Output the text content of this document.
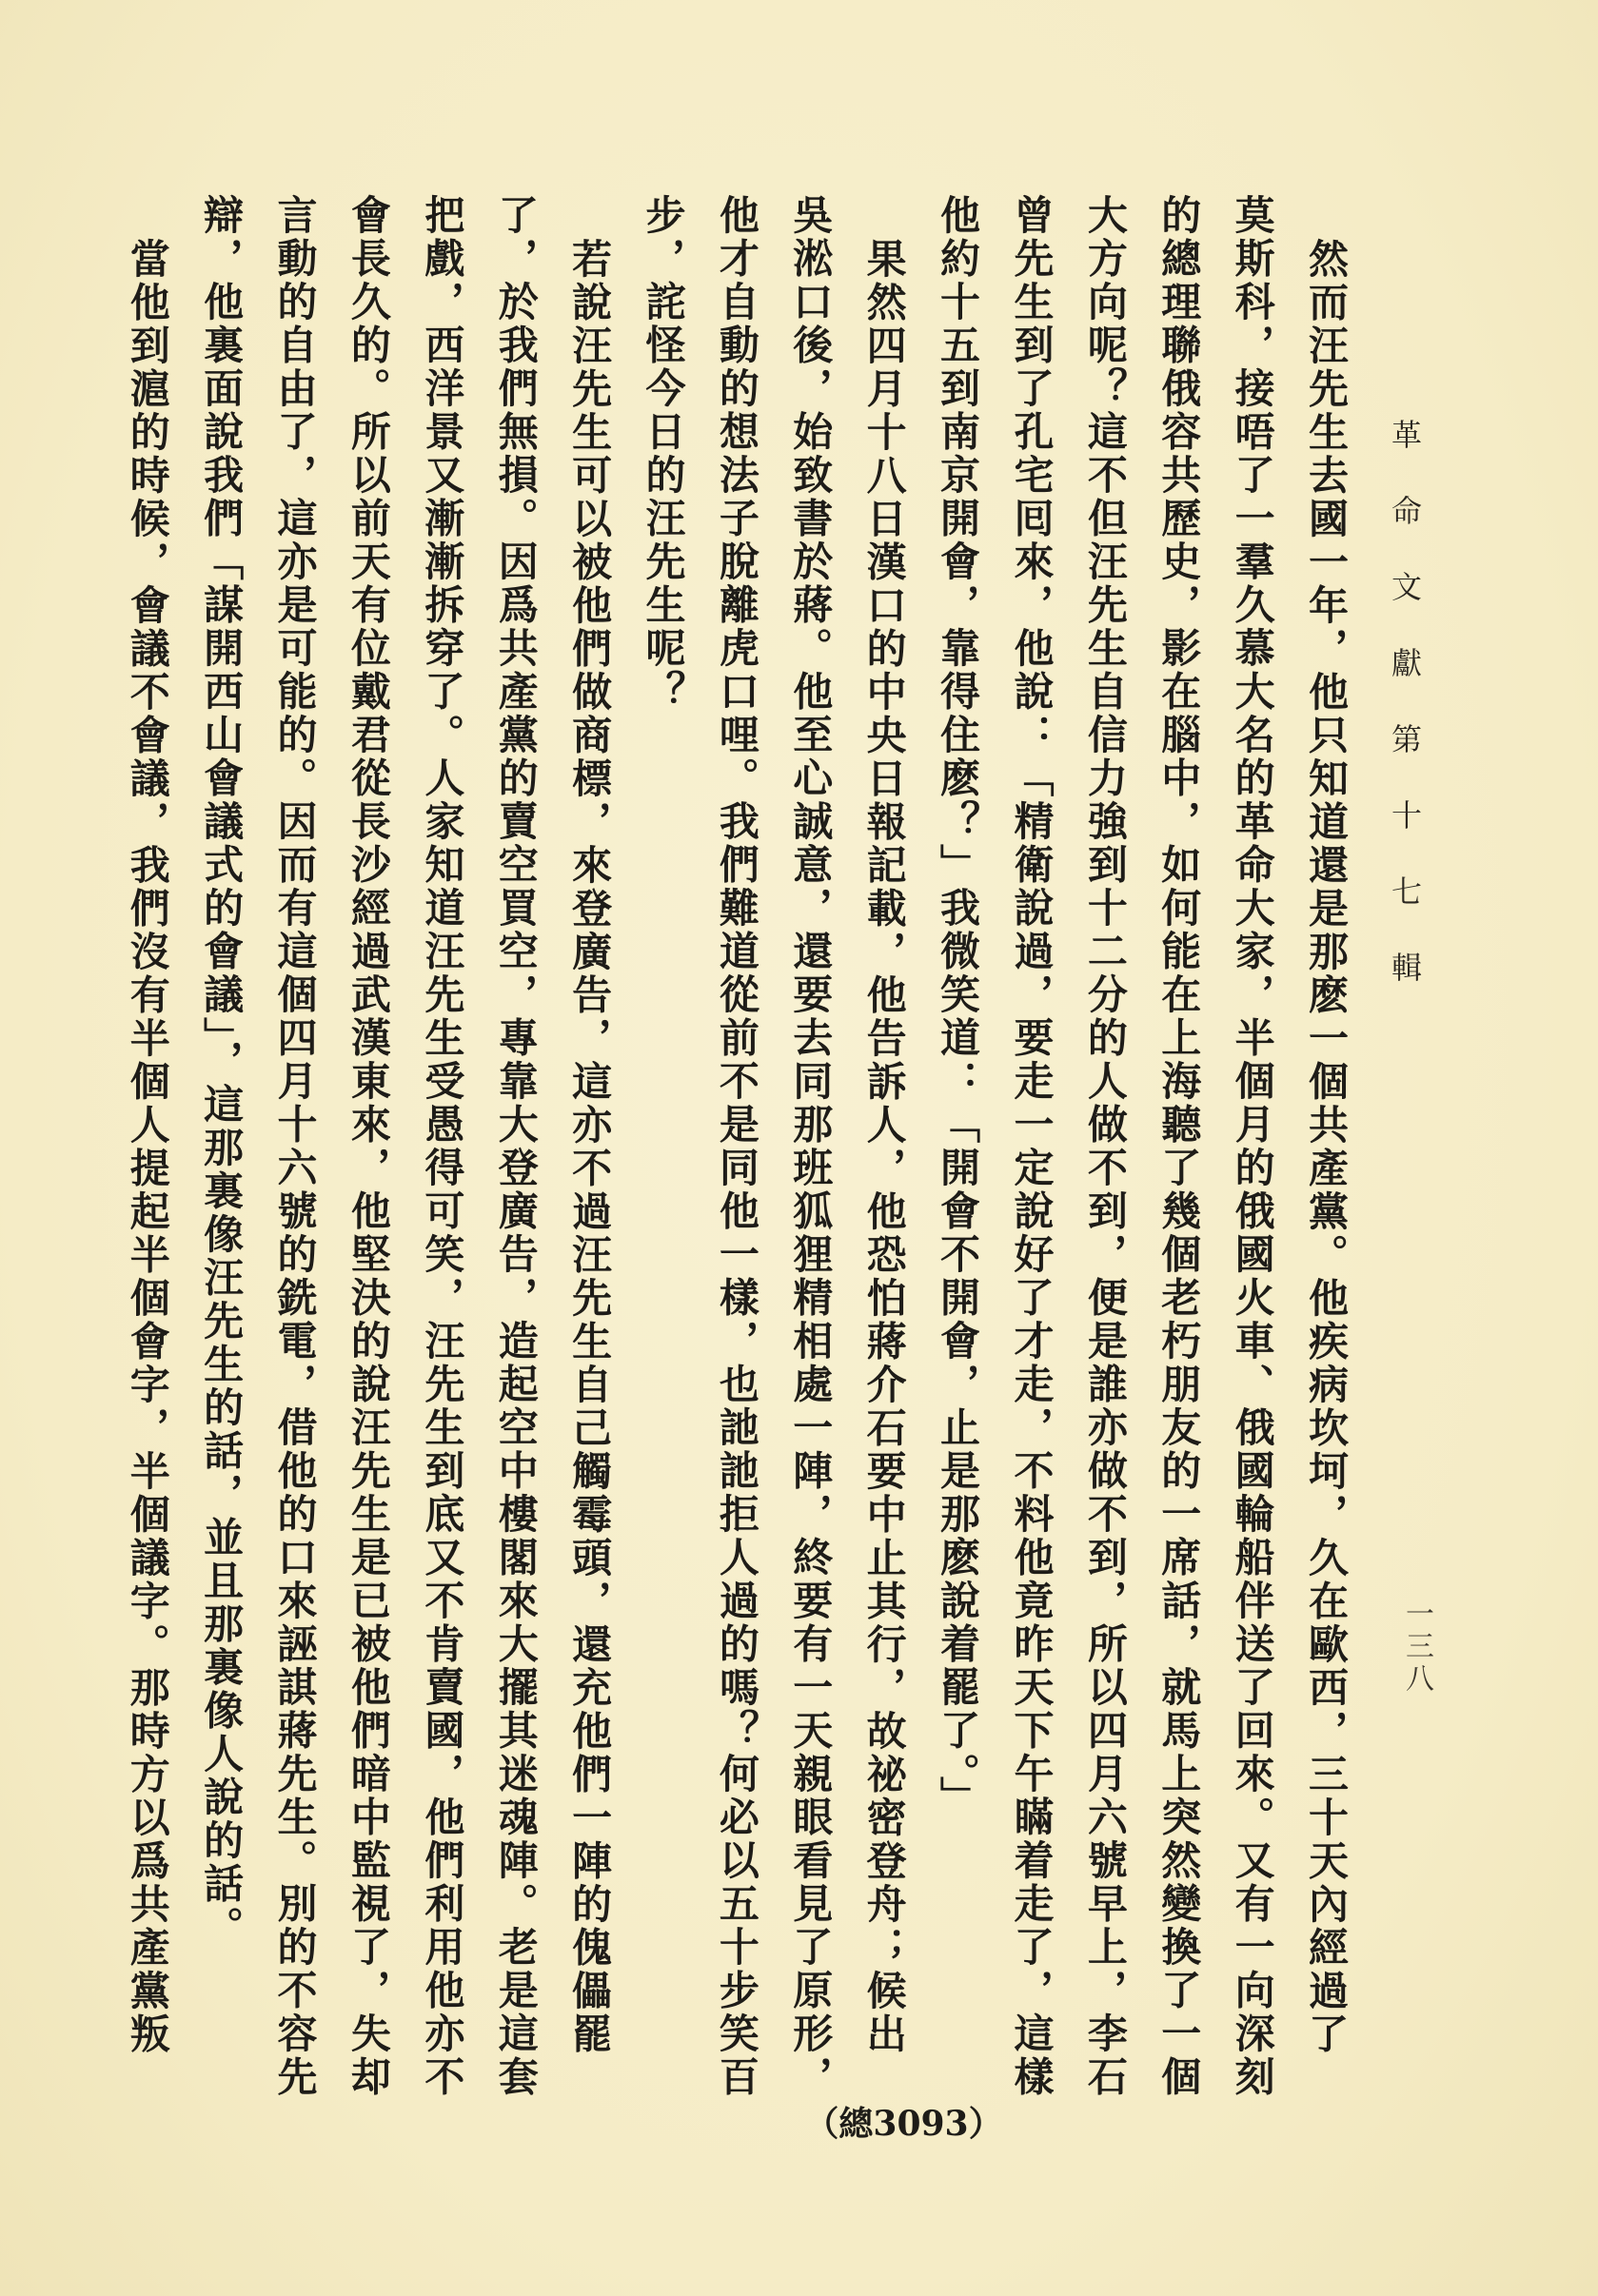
革命文獻第十七輯
一三八
然而汪先生去國一年，他只知道還是那麽一個共產黨。他疾病坎坷，久在歐西，三十天內經過了
莫斯科，接唔了一羣久慕大名的革命大家，半個月的俄國火車、俄國輪船伴送了回來。又有一向深刻
的總理聯俄容共歷史，影在腦中，如何能在上海聽了幾個老朽朋友的一席話，就馬上突然變換了一個
大方向呢？這不但汪先生自信力強到十二分的人做不到，便是誰亦做不到，所以四月六號早上，李石
曾先生到了孔宅囘來，他說：「精衛說過，要走一定說好了才走，不料他竟昨天下午瞞着走了，這樣
他約十五到南京開會，靠得住麽？」我微笑道：「開會不開會，止是那麽說着罷了。」
果然四月十八日漢口的中央日報記載，他告訴人，他恐怕蔣介石要中止其行，故祕密登舟；候出
吳淞口後，始致書於蔣。他至心誠意，還要去同那班狐狸精相處一陣，終要有一天親眼看見了原形，
他才自動的想法子脫離虎口哩。我們難道從前不是同他一樣，也訑訑拒人過的嗎？何必以五十步笑百
步，詫怪今日的汪先生呢？
若說汪先生可以被他們做商標，來登廣告，這亦不過汪先生自己觸霉頭，還充他們一陣的傀儡罷
了，於我們無損。因爲共產黨的賣空買空，專靠大登廣告，造起空中樓閣來大擺其迷魂陣。老是這套
把戲，西洋景又漸漸拆穿了。人家知道汪先生受愚得可笑，汪先生到底又不肯賣國，他們利用他亦不
會長久的。所以前天有位戴君從長沙經過武漢東來，他堅決的說汪先生是已被他們暗中監視了，失却
言動的自由了，這亦是可能的。因而有這個四月十六號的銑電，借他的口來誣諆蔣先生。別的不容先
辯，他裏面說我們「謀開西山會議式的會議」，這那裏像汪先生的話，並且那裏像人說的話。
當他到滬的時候，會議不會議，我們沒有半個人提起半個會字，半個議字。那時方以爲共產黨叛
（總3093）
